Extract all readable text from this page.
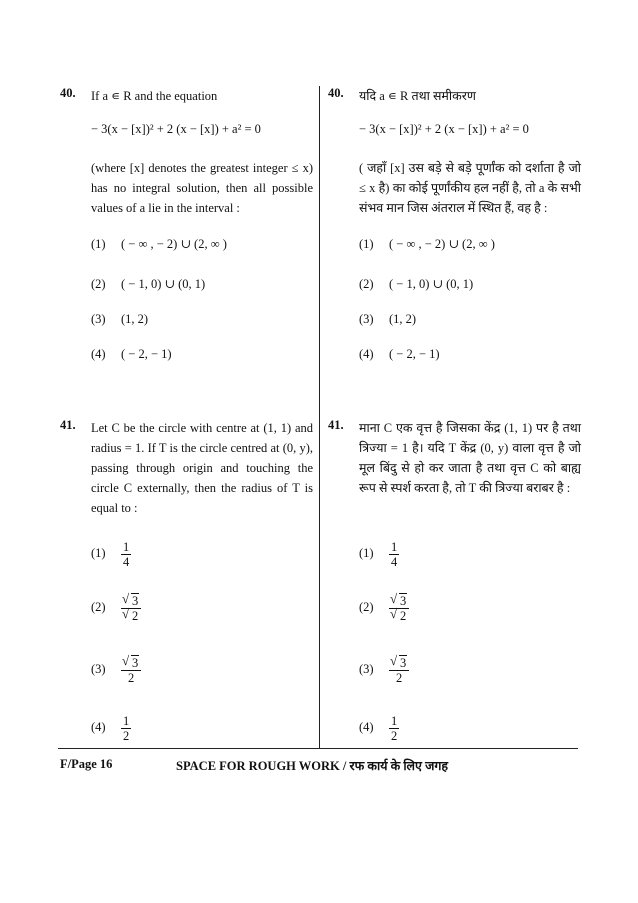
40. If a ∊ R and the equation
− 3(x − [x])² + 2 (x − [x]) + a² = 0
(where [x] denotes the greatest integer ≤ x) has no integral solution, then all possible values of a lie in the interval :
(1) ( − ∞ , − 2) ∪ (2, ∞ )
(2) ( − 1, 0) ∪ (0, 1)
(3) (1, 2)
(4) ( − 2, − 1)
41. Let C be the circle with centre at (1, 1) and radius = 1. If T is the circle centred at (0, y), passing through origin and touching the circle C externally, then the radius of T is equal to :
$(1) \frac{1}{4}$
(2) √ 3
√ 2
(3) √ $\frac{3}{2}$
$(4) \frac{1}{2}$
40. यदि a ∊ R तथा समीकरण
− 3(x − [x])² + 2 (x − [x]) + a² = 0
( जहाँ [x] उस बड़े से बड़े पूर्णांक को दर्शाता है जो ≤ x है) का कोई पूर्णांकीय हल नहीं है, तो a के सभी संभव मान जिस अंतराल में स्थित हैं, वह है :
(1) ( − ∞ , − 2) ∪ (2, ∞ )
(2) ( − 1, 0) ∪ (0, 1)
(3) (1, 2)
(4) ( − 2, − 1)
41. माना C एक वृत्त है जिसका केंद्र (1, 1) पर है तथा त्रिज्या = 1 है। यदि T केंद्र (0, y) वाला वृत्त है जो मूल बिंदु से हो कर जाता है तथा वृत्त C को बाह्य रूप से स्पर्श करता है, तो T की त्रिज्या बराबर है :
$(1) \frac{1}{4}$
(2) √ 3
√ 2
(3) √ $\frac{3}{2}$
$(4) \frac{1}{2}$
F/Page 16	SPACE FOR ROUGH WORK / रफ कार्य के लिए जगह
